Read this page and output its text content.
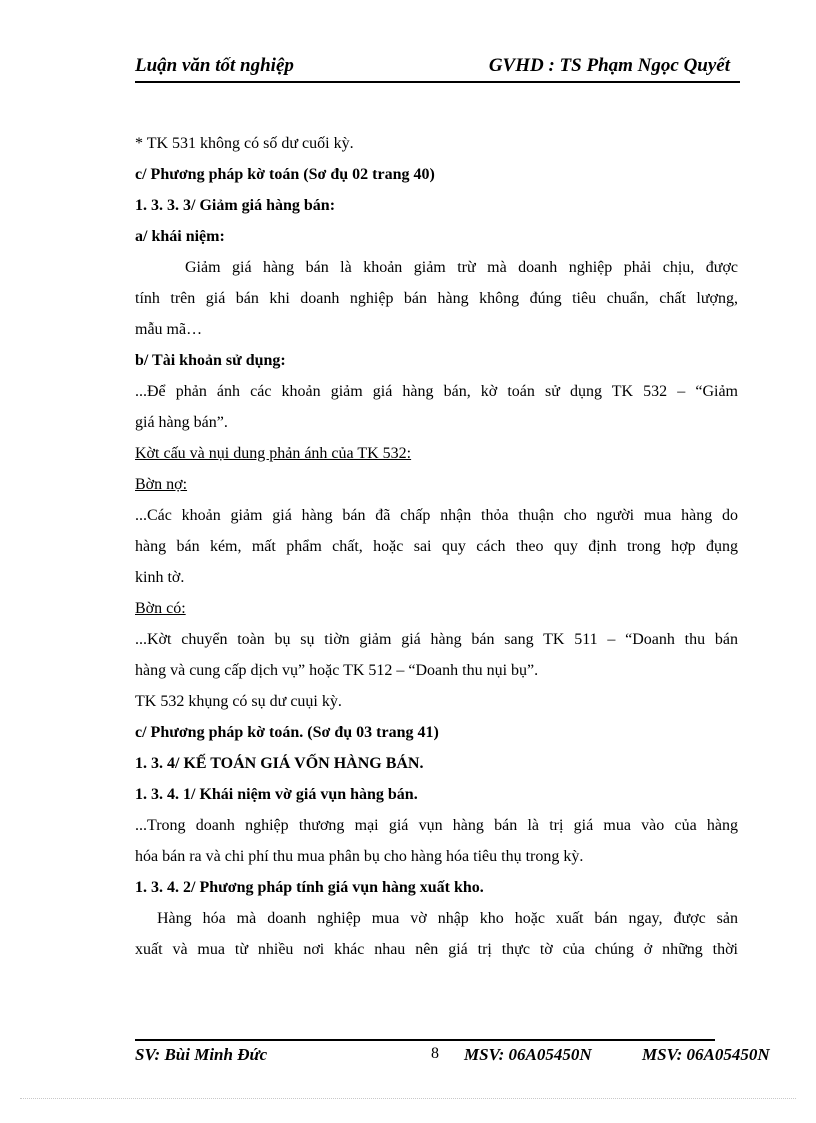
Luận văn tốt nghiệp	GVHD : TS Phạm Ngọc Quyết
* TK 531 không có số dư cuối kỳ.
c/ Phương pháp kờ toán (Sơ đụ 02 trang 40)
1. 3. 3. 3/ Giảm giá hàng bán:
a/ khái niệm:
Giảm giá hàng bán là khoản giảm trừ mà doanh nghiệp phải chịu, được
tính trên giá bán khi doanh nghiệp bán hàng không đúng tiêu chuẩn, chất lượng,
mẫu mã…
b/ Tài khoản sử dụng:
...Để phản ánh các khoản giảm giá hàng bán, kờ toán sử dụng TK 532 – “Giảm
giá hàng bán”.
Kờt cấu và nụi dung phản ánh của TK 532:
Bờn nợ:
...Các khoản giảm giá hàng bán đã chấp nhận thỏa thuận cho người mua hàng do
hàng bán kém, mất phẩm chất, hoặc sai quy cách theo quy định trong hợp đụng
kinh tờ.
Bờn có:
...Kờt chuyển toàn bụ sụ tiờn giảm giá hàng bán sang TK 511 – “Doanh thu bán
hàng và cung cấp dịch vụ” hoặc TK 512 – “Doanh thu nụi bụ”.
TK 532 khụng có sụ dư cuụi kỳ.
c/ Phương pháp kờ toán. (Sơ đụ 03 trang 41)
1. 3. 4/ KẾ TOÁN GIÁ VỐN HÀNG BÁN.
1. 3. 4. 1/ Khái niệm vờ giá vụn hàng bán.
...Trong doanh nghiệp thương mại giá vụn hàng bán là trị giá mua vào của hàng
hóa bán ra và chi phí thu mua phân bụ cho hàng hóa tiêu thụ trong kỳ.
1. 3. 4. 2/ Phương pháp tính giá vụn hàng xuất kho.
Hàng hóa mà doanh nghiệp mua vờ nhập kho hoặc xuất bán ngay, được sản
xuất và mua từ nhiều nơi khác nhau nên giá trị thực tờ của chúng ở những thời
SV: Bùi Minh Đức	8 MSV: 06A05450N	MSV: 06A05450N
